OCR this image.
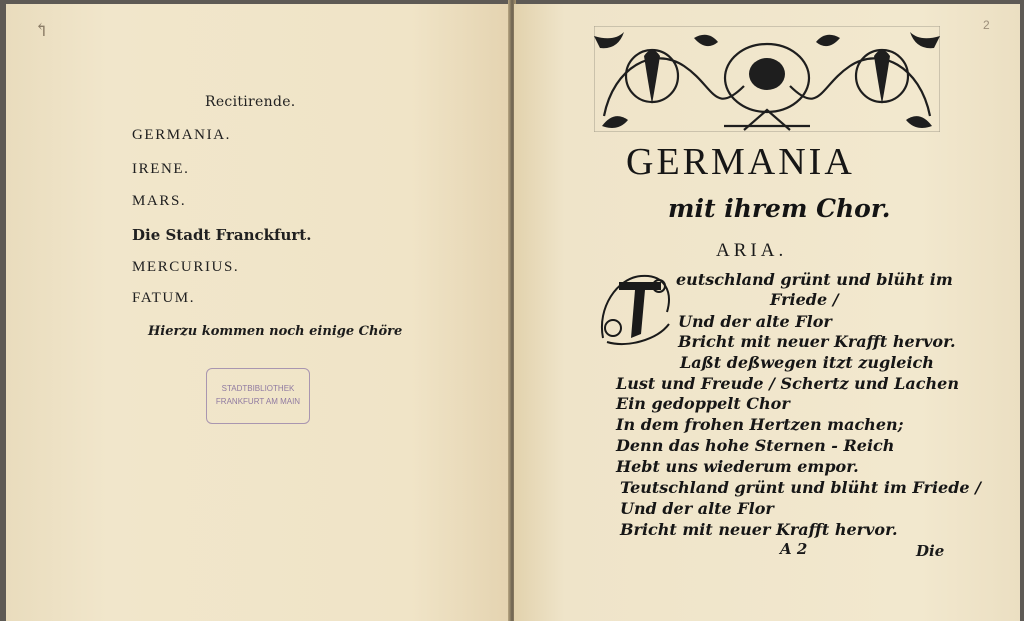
↰
Recitirende.
GERMANIA.
IRENE.
MARS.
Die Stadt Franckfurt.
MERCURIUS.
FATUM.
Hierzu kommen noch einige Chöre
STADTBIBLIOTHEK
FRANKFURT AM MAIN
2
GERMANIA
mit ihrem Chor.
ARIA.
eutschland grünt und blüht im
Friede /
Und der alte Flor
Bricht mit neuer Krafft hervor.
Laßt deßwegen itzt zugleich
Lust und Freude / Schertz und Lachen
Ein gedoppelt Chor
In dem frohen Hertzen machen;
Denn das hohe Sternen - Reich
Hebt uns wiederum empor.
Teutschland grünt und blüht im Friede /
Und der alte Flor
Bricht mit neuer Krafft hervor.
A 2	Die
